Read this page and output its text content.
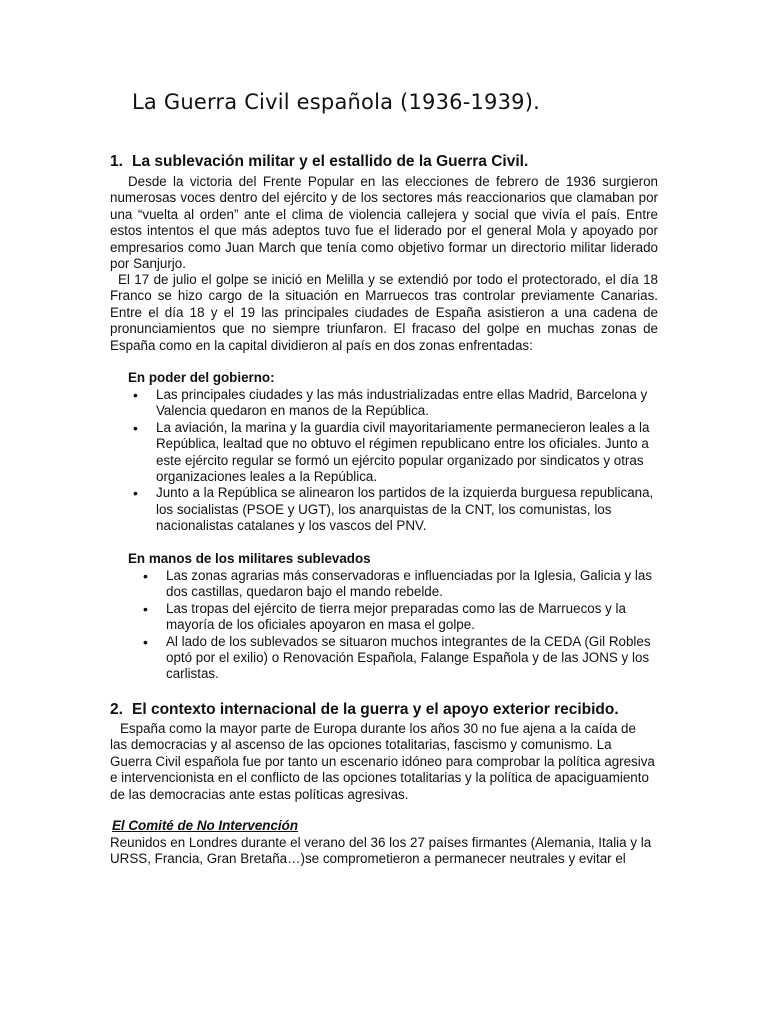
La Guerra Civil española (1936-1939).
1. La sublevación militar y el estallido de la Guerra Civil.

Desde la victoria del Frente Popular en las elecciones de febrero de 1936 surgieron numerosas voces dentro del ejército y de los sectores más reaccionarios que clamaban por una “vuelta al orden” ante el clima de violencia callejera y social que vivía el país. Entre estos intentos el que más adeptos tuvo fue el liderado por el general Mola y apoyado por empresarios como Juan March que tenía como objetivo formar un directorio militar liderado por Sanjurjo.

El 17 de julio el golpe se inició en Melilla y se extendió por todo el protectorado, el día 18 Franco se hizo cargo de la situación en Marruecos tras controlar previamente Canarias. Entre el día 18 y el 19 las principales ciudades de España asistieron a una cadena de pronunciamientos que no siempre triunfaron. El fracaso del golpe en muchas zonas de España como en la capital dividieron al país en dos zonas enfrentadas:

En poder del gobierno:

• Las principales ciudades y las más industrializadas entre ellas Madrid, Barcelona y Valencia quedaron en manos de la República.
• La aviación, la marina y la guardia civil mayoritariamente permanecieron leales a la República, lealtad que no obtuvo el régimen republicano entre los oficiales. Junto a este ejército regular se formó un ejército popular organizado por sindicatos y otras organizaciones leales a la República.
• Junto a la República se alinearon los partidos de la izquierda burguesa republicana, los socialistas (PSOE y UGT), los anarquistas de la CNT, los comunistas, los nacionalistas catalanes y los vascos del PNV.

En manos de los militares sublevados

• Las zonas agrarias más conservadoras e influenciadas por la Iglesia, Galicia y las dos castillas, quedaron bajo el mando rebelde.
• Las tropas del ejército de tierra mejor preparadas como las de Marruecos y la mayoría de los oficiales apoyaron en masa el golpe.
• Al lado de los sublevados se situaron muchos integrantes de la CEDA (Gil Robles optó por el exilio) o Renovación Española, Falange Española y de las JONS y los carlistas.
2. El contexto internacional de la guerra y el apoyo exterior recibido.

España como la mayor parte de Europa durante los años 30 no fue ajena a la caída de las democracias y al ascenso de las opciones totalitarias, fascismo y comunismo. La Guerra Civil española fue por tanto un escenario idóneo para comprobar la política agresiva e intervencionista en el conflicto de las opciones totalitarias y la política de apaciguamiento de las democracias ante estas políticas agresivas.

El Comité de No Intervención

Reunidos en Londres durante el verano del 36 los 27 países firmantes (Alemania, Italia y la URSS, Francia, Gran Bretaña…)se comprometieron a permanecer neutrales y evitar el
